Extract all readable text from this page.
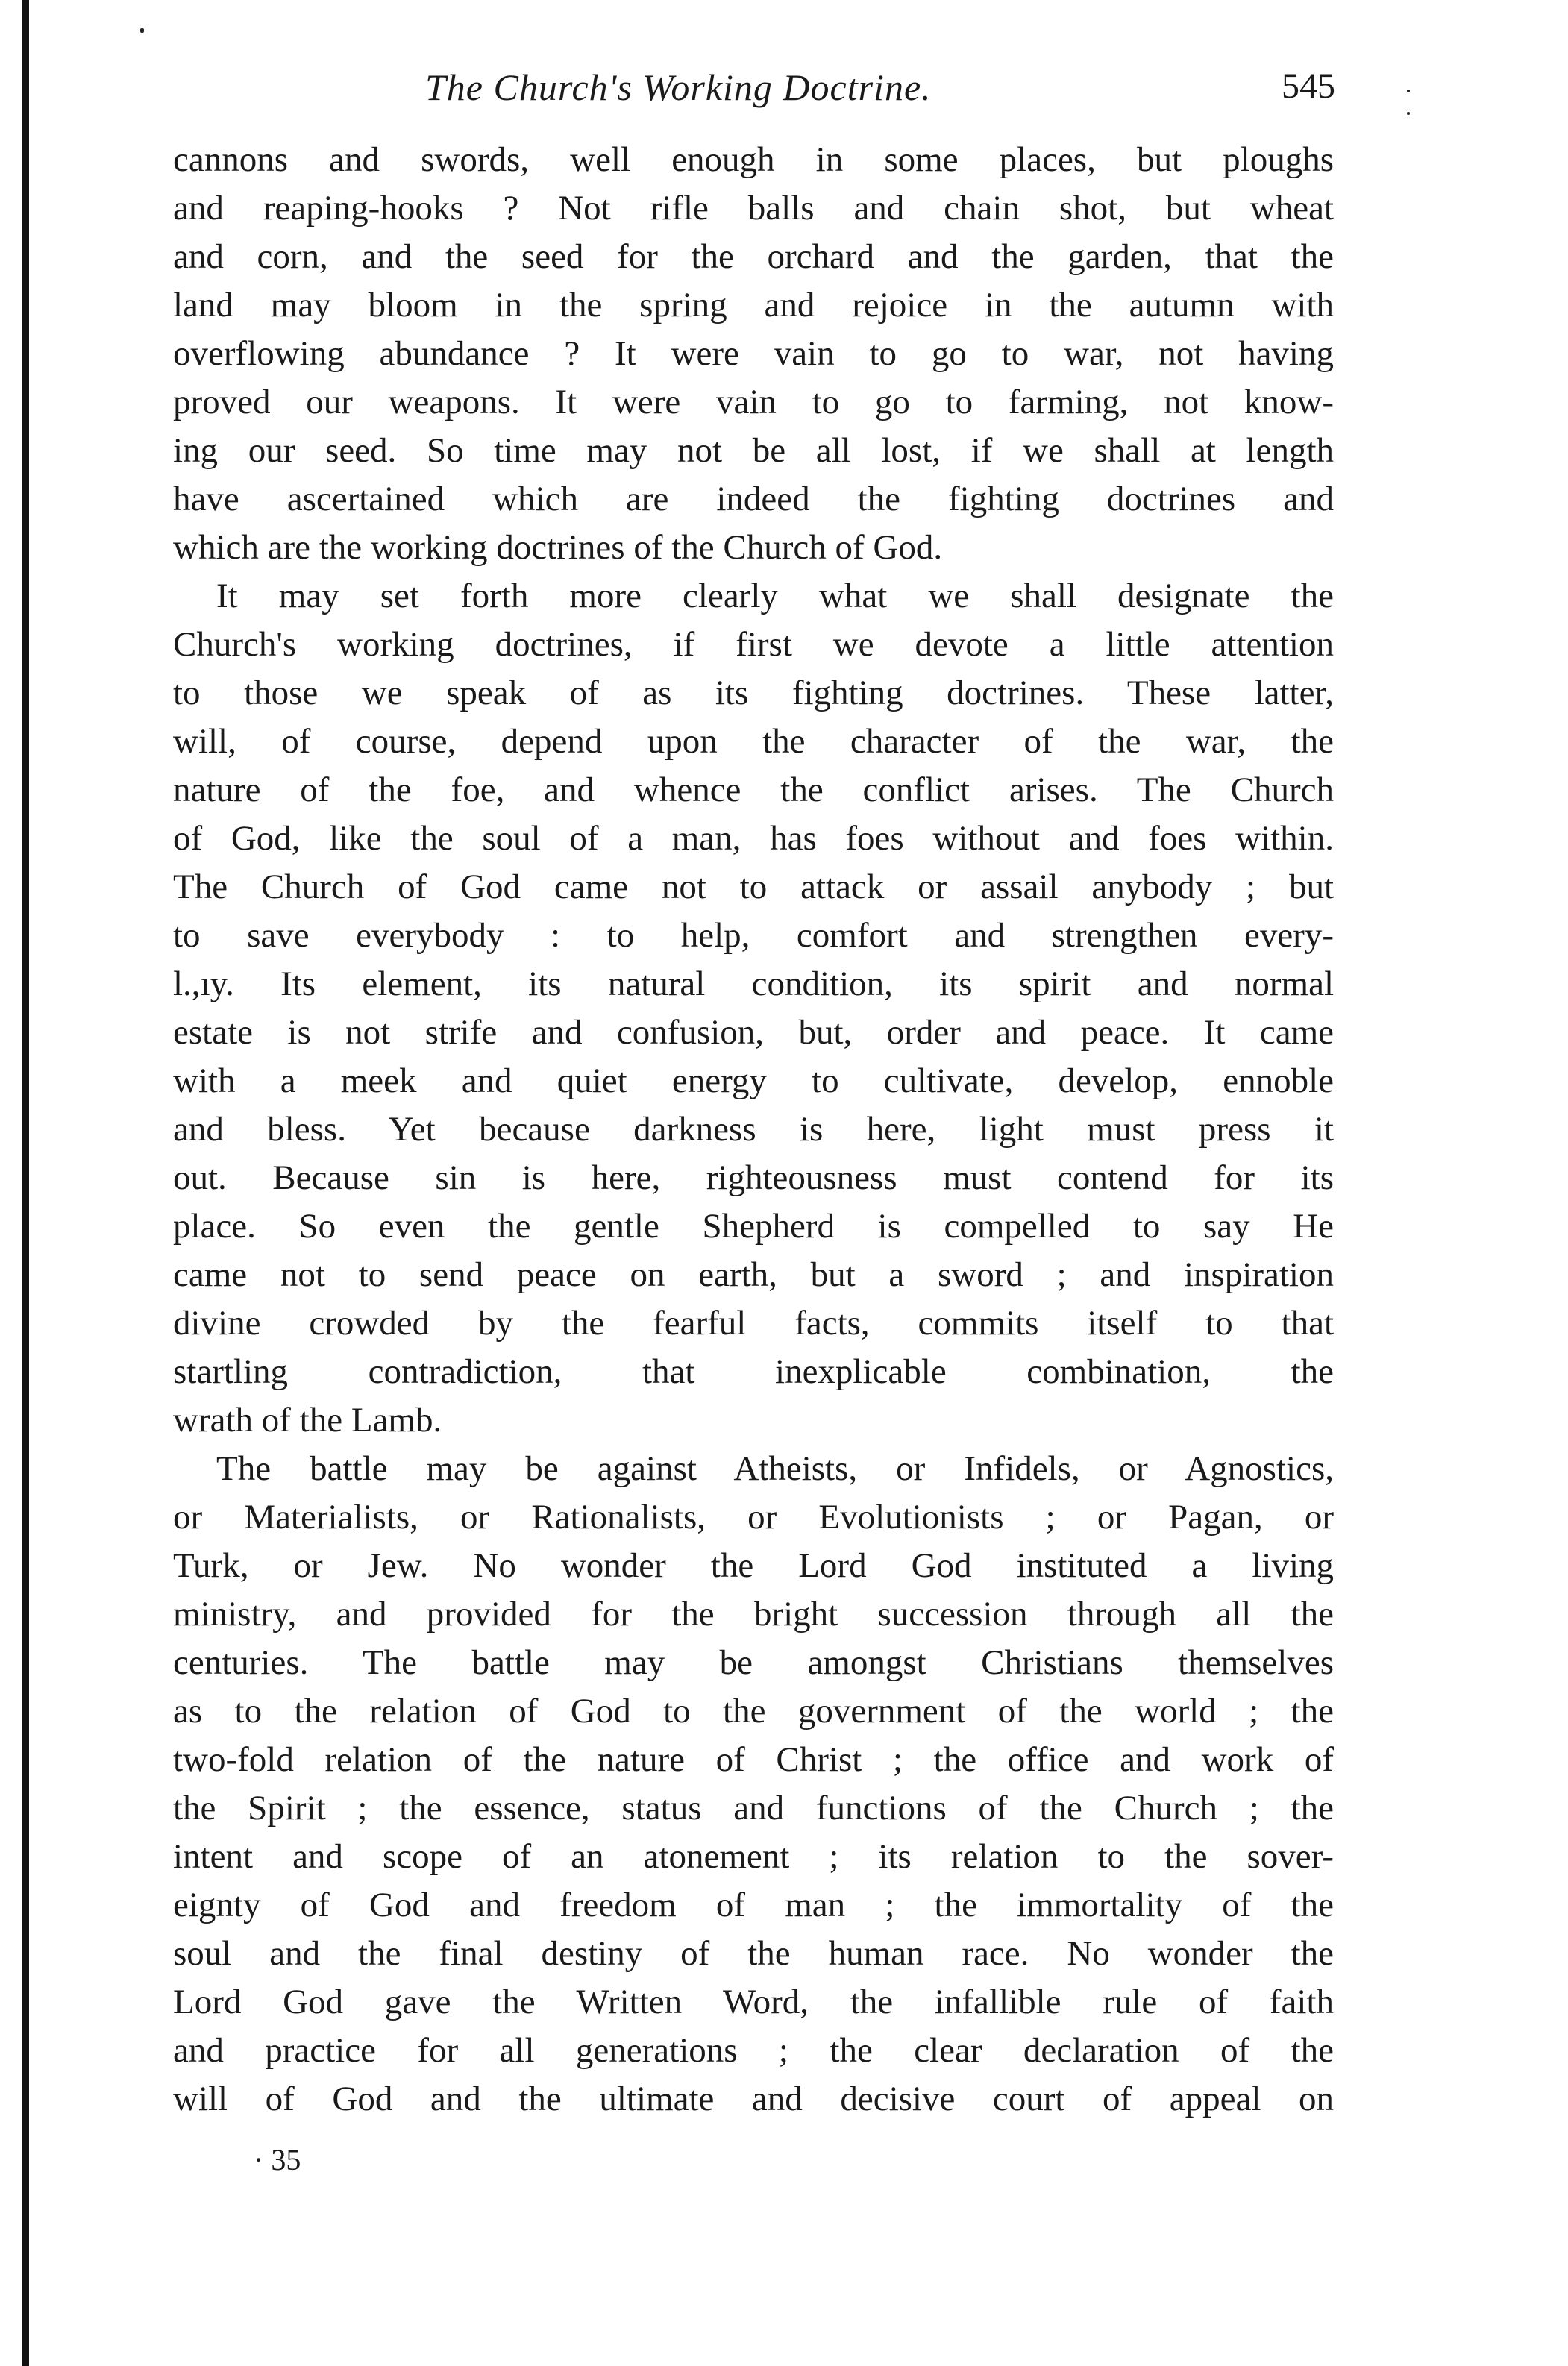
The Church's Working Doctrine.	545
cannons and swords, well enough in some places, but ploughs
and reaping-hooks ? Not rifle balls and chain shot, but wheat
and corn, and the seed for the orchard and the garden, that the
land may bloom in the spring and rejoice in the autumn with
overflowing abundance ? It were vain to go to war, not having
proved our weapons. It were vain to go to farming, not know-
ing our seed. So time may not be all lost, if we shall at length
have ascertained which are indeed the fighting doctrines and
which are the working doctrines of the Church of God.
It may set forth more clearly what we shall designate the
Church's working doctrines, if first we devote a little attention
to those we speak of as its fighting doctrines. These latter,
will, of course, depend upon the character of the war, the
nature of the foe, and whence the conflict arises. The Church
of God, like the soul of a man, has foes without and foes within.
The Church of God came not to attack or assail anybody ; but
to save everybody : to help, comfort and strengthen every-
l.,ıy. Its element, its natural condition, its spirit and normal
estate is not strife and confusion, but, order and peace. It came
with a meek and quiet energy to cultivate, develop, ennoble
and bless. Yet because darkness is here, light must press it
out. Because sin is here, righteousness must contend for its
place. So even the gentle Shepherd is compelled to say He
came not to send peace on earth, but a sword ; and inspiration
divine crowded by the fearful facts, commits itself to that
startling contradiction, that inexplicable combination, the
wrath of the Lamb.
The battle may be against Atheists, or Infidels, or Agnostics,
or Materialists, or Rationalists, or Evolutionists ; or Pagan, or
Turk, or Jew. No wonder the Lord God instituted a living
ministry, and provided for the bright succession through all the
centuries. The battle may be amongst Christians themselves
as to the relation of God to the government of the world ; the
two-fold relation of the nature of Christ ; the office and work of
the Spirit ; the essence, status and functions of the Church ; the
intent and scope of an atonement ; its relation to the sover-
eignty of God and freedom of man ; the immortality of the
soul and the final destiny of the human race. No wonder the
Lord God gave the Written Word, the infallible rule of faith
and practice for all generations ; the clear declaration of the
will of God and the ultimate and decisive court of appeal on
· 35
